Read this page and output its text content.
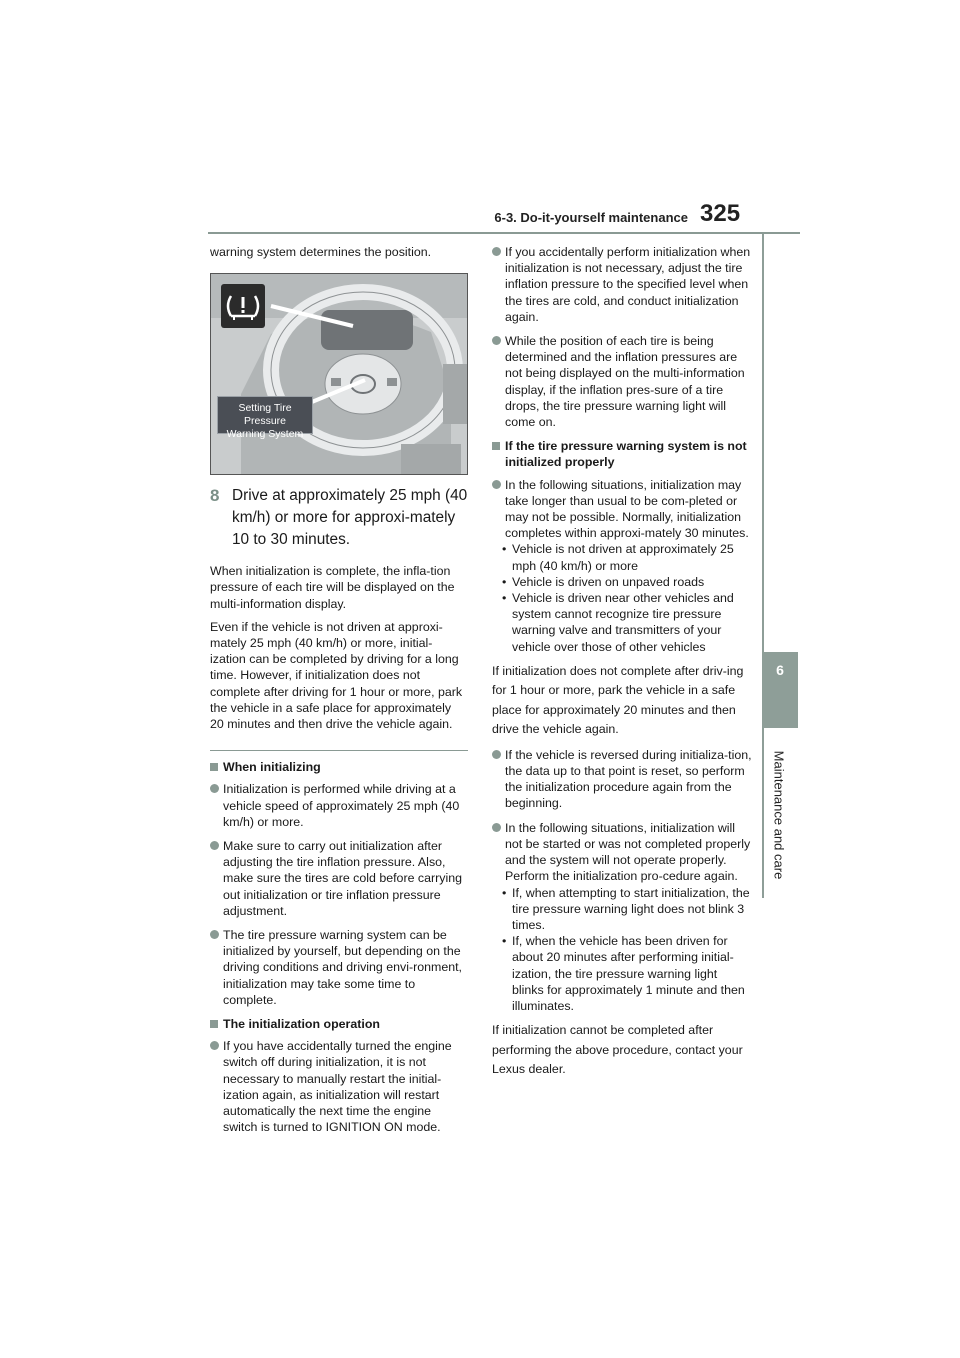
6-3. Do-it-yourself maintenance 325
6
Maintenance and care

warning system determines the position.

Setting Tire Pressure
Warning System
8 Drive at approximately 25 mph (40 km/h) or more for approxi-mately 10 to 30 minutes.

When initialization is complete, the infla-tion pressure of each tire will be displayed on the multi-information display.

Even if the vehicle is not driven at approxi-mately 25 mph (40 km/h) or more, initial-ization can be completed by driving for a long time. However, if initialization does not complete after driving for 1 hour or more, park the vehicle in a safe place for approximately 20 minutes and then drive the vehicle again.

When initializing
Initialization is performed while driving at a vehicle speed of approximately 25 mph (40 km/h) or more.
Make sure to carry out initialization after adjusting the tire inflation pressure. Also, make sure the tires are cold before carrying out initialization or tire inflation pressure adjustment.
The tire pressure warning system can be initialized by yourself, but depending on the driving conditions and driving envi-ronment, initialization may take some time to complete.
The initialization operation
If you have accidentally turned the engine switch off during initialization, it is not necessary to manually restart the initial-ization again, as initialization will restart automatically the next time the engine switch is turned to IGNITION ON mode.
If you accidentally perform initialization when initialization is not necessary, adjust the tire inflation pressure to the specified level when the tires are cold, and conduct initialization again.
While the position of each tire is being determined and the inflation pressures are not being displayed on the multi-information display, if the inflation pres-sure of a tire drops, the tire pressure warning light will come on.
If the tire pressure warning system is not initialized properly
In the following situations, initialization may take longer than usual to be com-pleted or may not be possible. Normally, initialization completes within approxi-mately 30 minutes.
• Vehicle is not driven at approximately 25 mph (40 km/h) or more
• Vehicle is driven on unpaved roads
• Vehicle is driven near other vehicles and system cannot recognize tire pressure warning valve and transmitters of your vehicle over those of other vehicles

If initialization does not complete after driv-ing for 1 hour or more, park the vehicle in a safe place for approximately 20 minutes and then drive the vehicle again.

If the vehicle is reversed during initializa-tion, the data up to that point is reset, so perform the initialization procedure again from the beginning.
In the following situations, initialization will not be started or was not completed properly and the system will not operate properly. Perform the initialization pro-cedure again.
• If, when attempting to start initialization, the tire pressure warning light does not blink 3 times.
• If, when the vehicle has been driven for about 20 minutes after performing initial-ization, the tire pressure warning light blinks for approximately 1 minute and then illuminates.

If initialization cannot be completed after performing the above procedure, contact your Lexus dealer.
